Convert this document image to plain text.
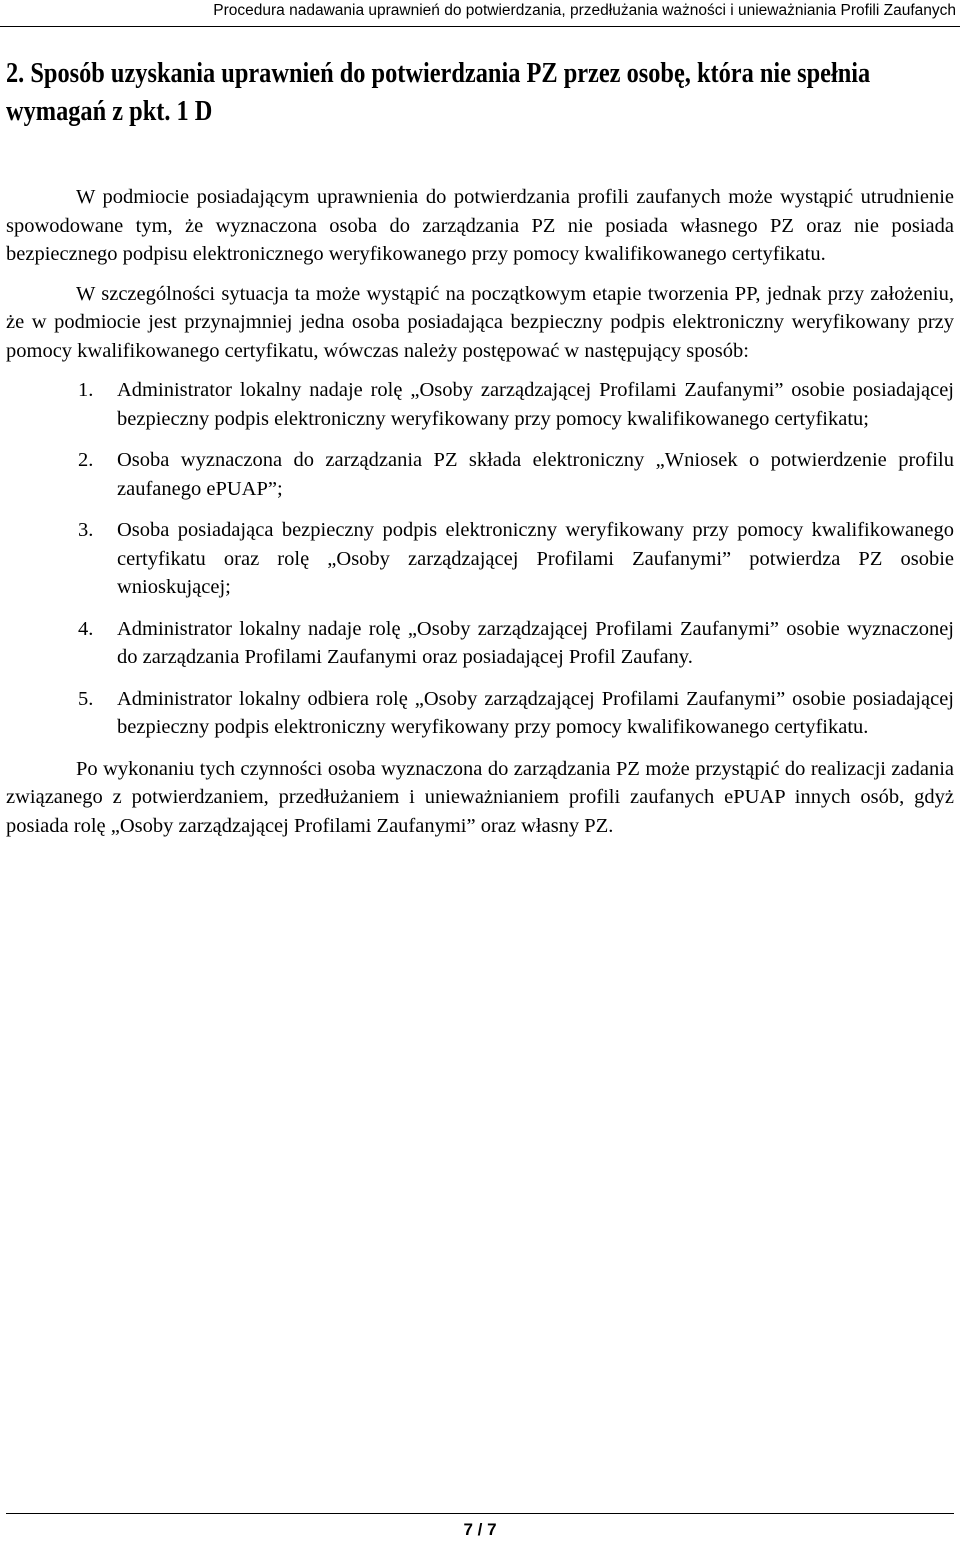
Procedura nadawania uprawnień do potwierdzania, przedłużania ważności i unieważniania Profili Zaufanych
2. Sposób uzyskania uprawnień do potwierdzania PZ przez osobę, która nie spełnia wymagań z pkt. 1 D

W podmiocie posiadającym uprawnienia do potwierdzania profili zaufanych może wystąpić utrudnienie spowodowane tym, że wyznaczona osoba do zarządzania PZ nie posiada własnego PZ oraz nie posiada bezpiecznego podpisu elektronicznego weryfikowanego przy pomocy kwalifikowanego certyfikatu.

W szczególności sytuacja ta może wystąpić na początkowym etapie tworzenia PP, jednak przy założeniu, że w podmiocie jest przynajmniej jedna osoba posiadająca bezpieczny podpis elektroniczny weryfikowany przy pomocy kwalifikowanego certyfikatu, wówczas należy postępować w następujący sposób:

1. Administrator lokalny nadaje rolę „Osoby zarządzającej Profilami Zaufanymi” osobie posiadającej bezpieczny podpis elektroniczny weryfikowany przy pomocy kwalifikowanego certyfikatu;
2. Osoba wyznaczona do zarządzania PZ składa elektroniczny „Wniosek o potwierdzenie profilu zaufanego ePUAP”;
3. Osoba posiadająca bezpieczny podpis elektroniczny weryfikowany przy pomocy kwalifikowanego certyfikatu oraz rolę „Osoby zarządzającej Profilami Zaufanymi” potwierdza PZ osobie wnioskującej;
4. Administrator lokalny nadaje rolę „Osoby zarządzającej Profilami Zaufanymi” osobie wyznaczonej do zarządzania Profilami Zaufanymi oraz posiadającej Profil Zaufany.
5. Administrator lokalny odbiera rolę „Osoby zarządzającej Profilami Zaufanymi” osobie posiadającej bezpieczny podpis elektroniczny weryfikowany przy pomocy kwalifikowanego certyfikatu.

Po wykonaniu tych czynności osoba wyznaczona do zarządzania PZ może przystąpić do realizacji zadania związanego z potwierdzaniem, przedłużaniem i unieważnianiem profili zaufanych ePUAP innych osób, gdyż posiada rolę „Osoby zarządzającej Profilami Zaufanymi” oraz własny PZ.

7 / 7
